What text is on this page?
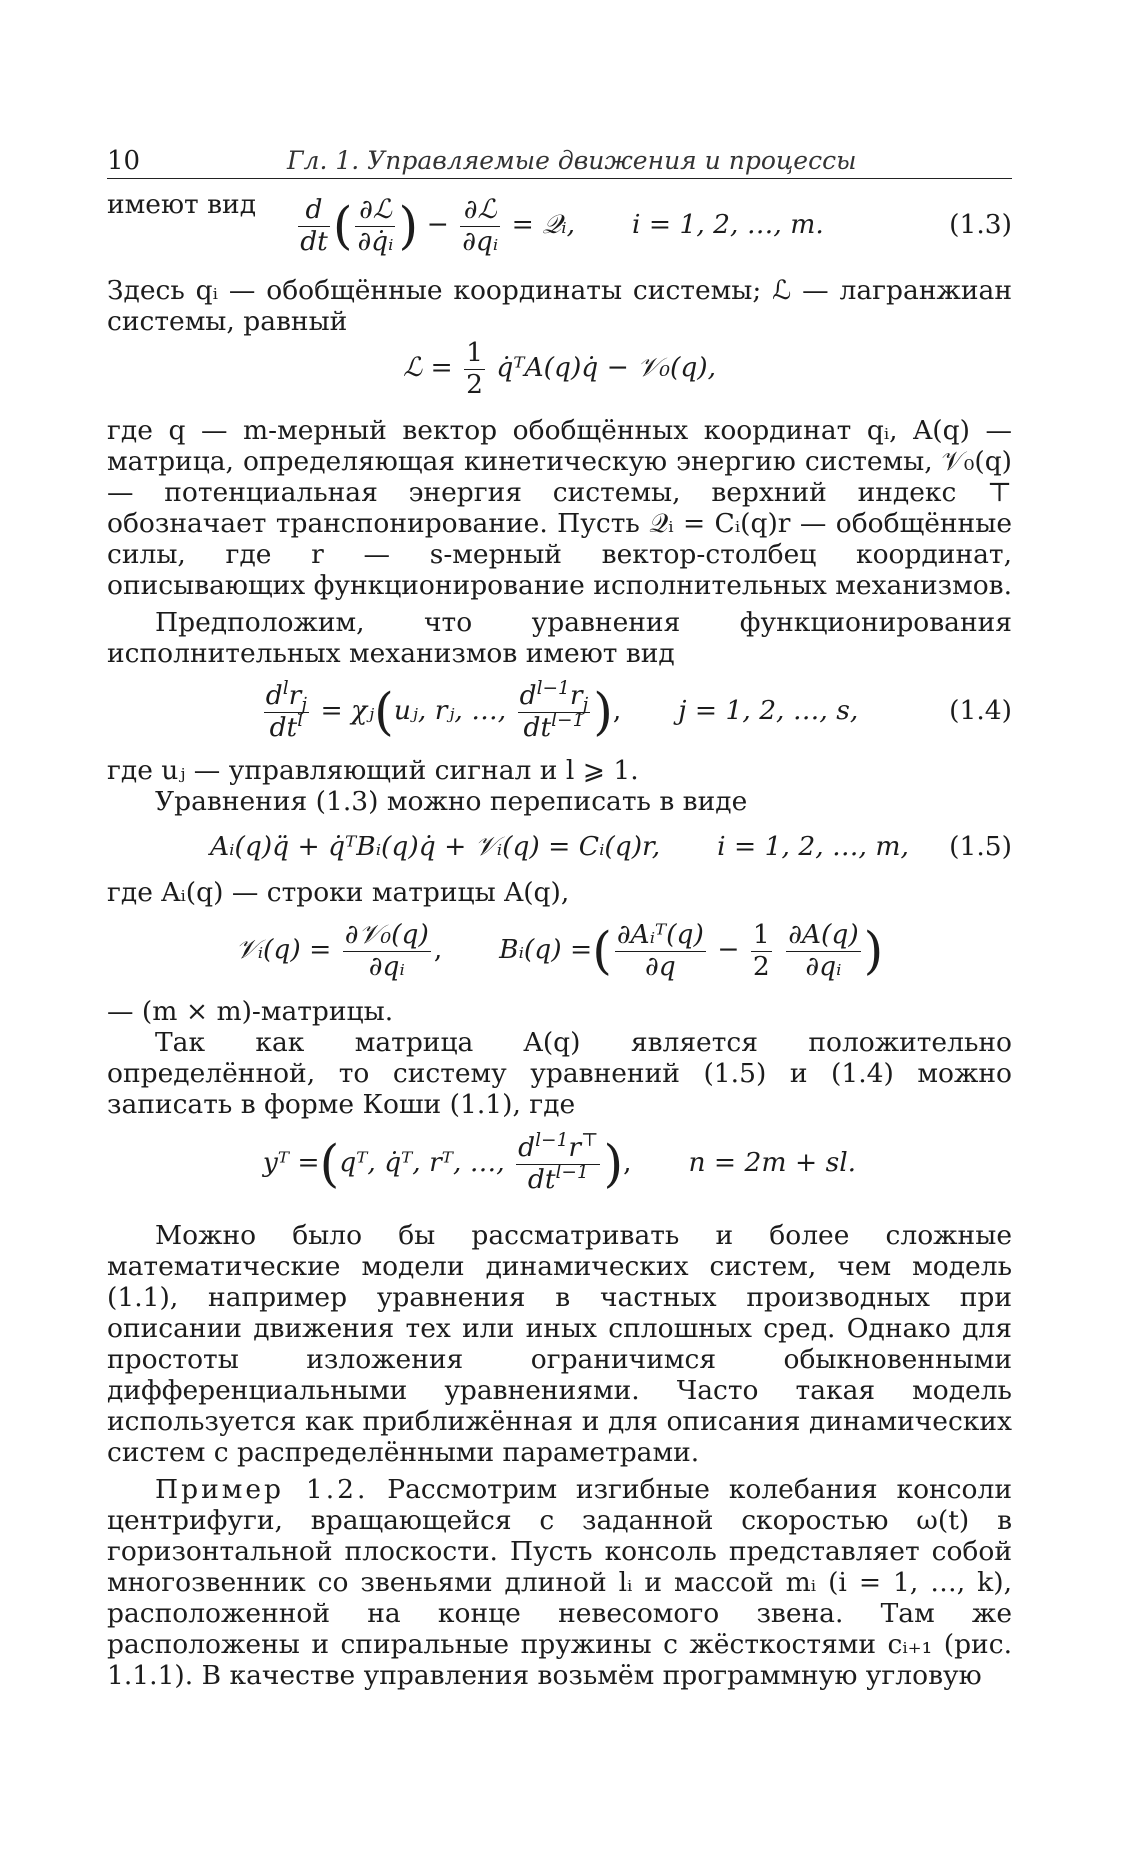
10	Гл. 1. Управляемые движения и процессы
имеют вид $\frac{d}{dt}$ ( $\frac{\text{∂ℒ}}{\text{∂q̇ᵢ}}$ ) − $\frac{\text{∂ℒ}}{\text{∂qᵢ}}$ = 𝒬ᵢ, i = 1, 2, …, m.	(1.3)

Здесь qᵢ — обобщённые координаты системы; ℒ — лагранжиан системы, равный

ℒ = $\frac{1}{2}$ q̇ᵀA(q)q̇ − 𝒱₀(q),

где q — m-мерный вектор обобщённых координат qᵢ, A(q) — матрица, определяющая кинетическую энергию системы, 𝒱₀(q) — потенциальная энергия системы, верхний индекс ⊤ обозначает транспонирование. Пусть 𝒬ᵢ = Cᵢ(q)r — обобщённые силы, где r — s-мерный вектор-столбец координат, описывающих функционирование исполнительных механизмов.

Предположим, что уравнения функционирования исполнительных механизмов имеют вид

$\frac{d^lr_j}{dt^l}$ = χⱼ(uⱼ, rⱼ, …, $\frac{d^{l-1}r_j}{dt^{l-1}}$ ),  j = 1, 2, …, s,	(1.4)

где uⱼ — управляющий сигнал и l ⩾ 1.

Уравнения (1.3) можно переписать в виде

Aᵢ(q)q̈ + q̇ᵀBᵢ(q)q̇ + 𝒱ᵢ(q) = Cᵢ(q)r, i = 1, 2, …, m,	(1.5)

где Aᵢ(q) — строки матрицы A(q),

𝒱ᵢ(q) = $\frac{\text{∂𝒱₀(q)}}{\text{∂qᵢ}}$ ,  Bᵢ(q) =( $\frac{\text{∂Aᵢᵀ(q)}}{\partial q} - \frac{1}{2}$
$\frac{\partial A(q)}{\text{∂qᵢ}}$ )

— (m × m)-матрицы.

Так как матрица A(q) является положительно определённой, то систему уравнений (1.5) и (1.4) можно записать в форме Коши (1.1), где

yᵀ =(qᵀ, q̇ᵀ, rᵀ, …, $\frac{d^{l-1}r^⊤}{dt^{l-1}}$ ),  n = 2m + sl.

Можно было бы рассматривать и более сложные математические модели динамических систем, чем модель (1.1), например уравнения в частных производных при описании движения тех или иных сплошных сред. Однако для простоты изложения ограничимся обыкновенными дифференциальными уравнениями. Часто такая модель используется как приближённая и для описания динамических систем с распределёнными параметрами.

Пример 1.2. Рассмотрим изгибные колебания консоли центрифуги, вращающейся с заданной скоростью ω(t) в горизонтальной плоскости. Пусть консоль представляет собой многозвенник со звеньями длиной lᵢ и массой mᵢ (i = 1, …, k), расположенной на конце невесомого звена. Там же расположены и спиральные пружины с жёсткостями cᵢ₊₁ (рис. 1.1.1). В качестве управления возьмём программную угловую
